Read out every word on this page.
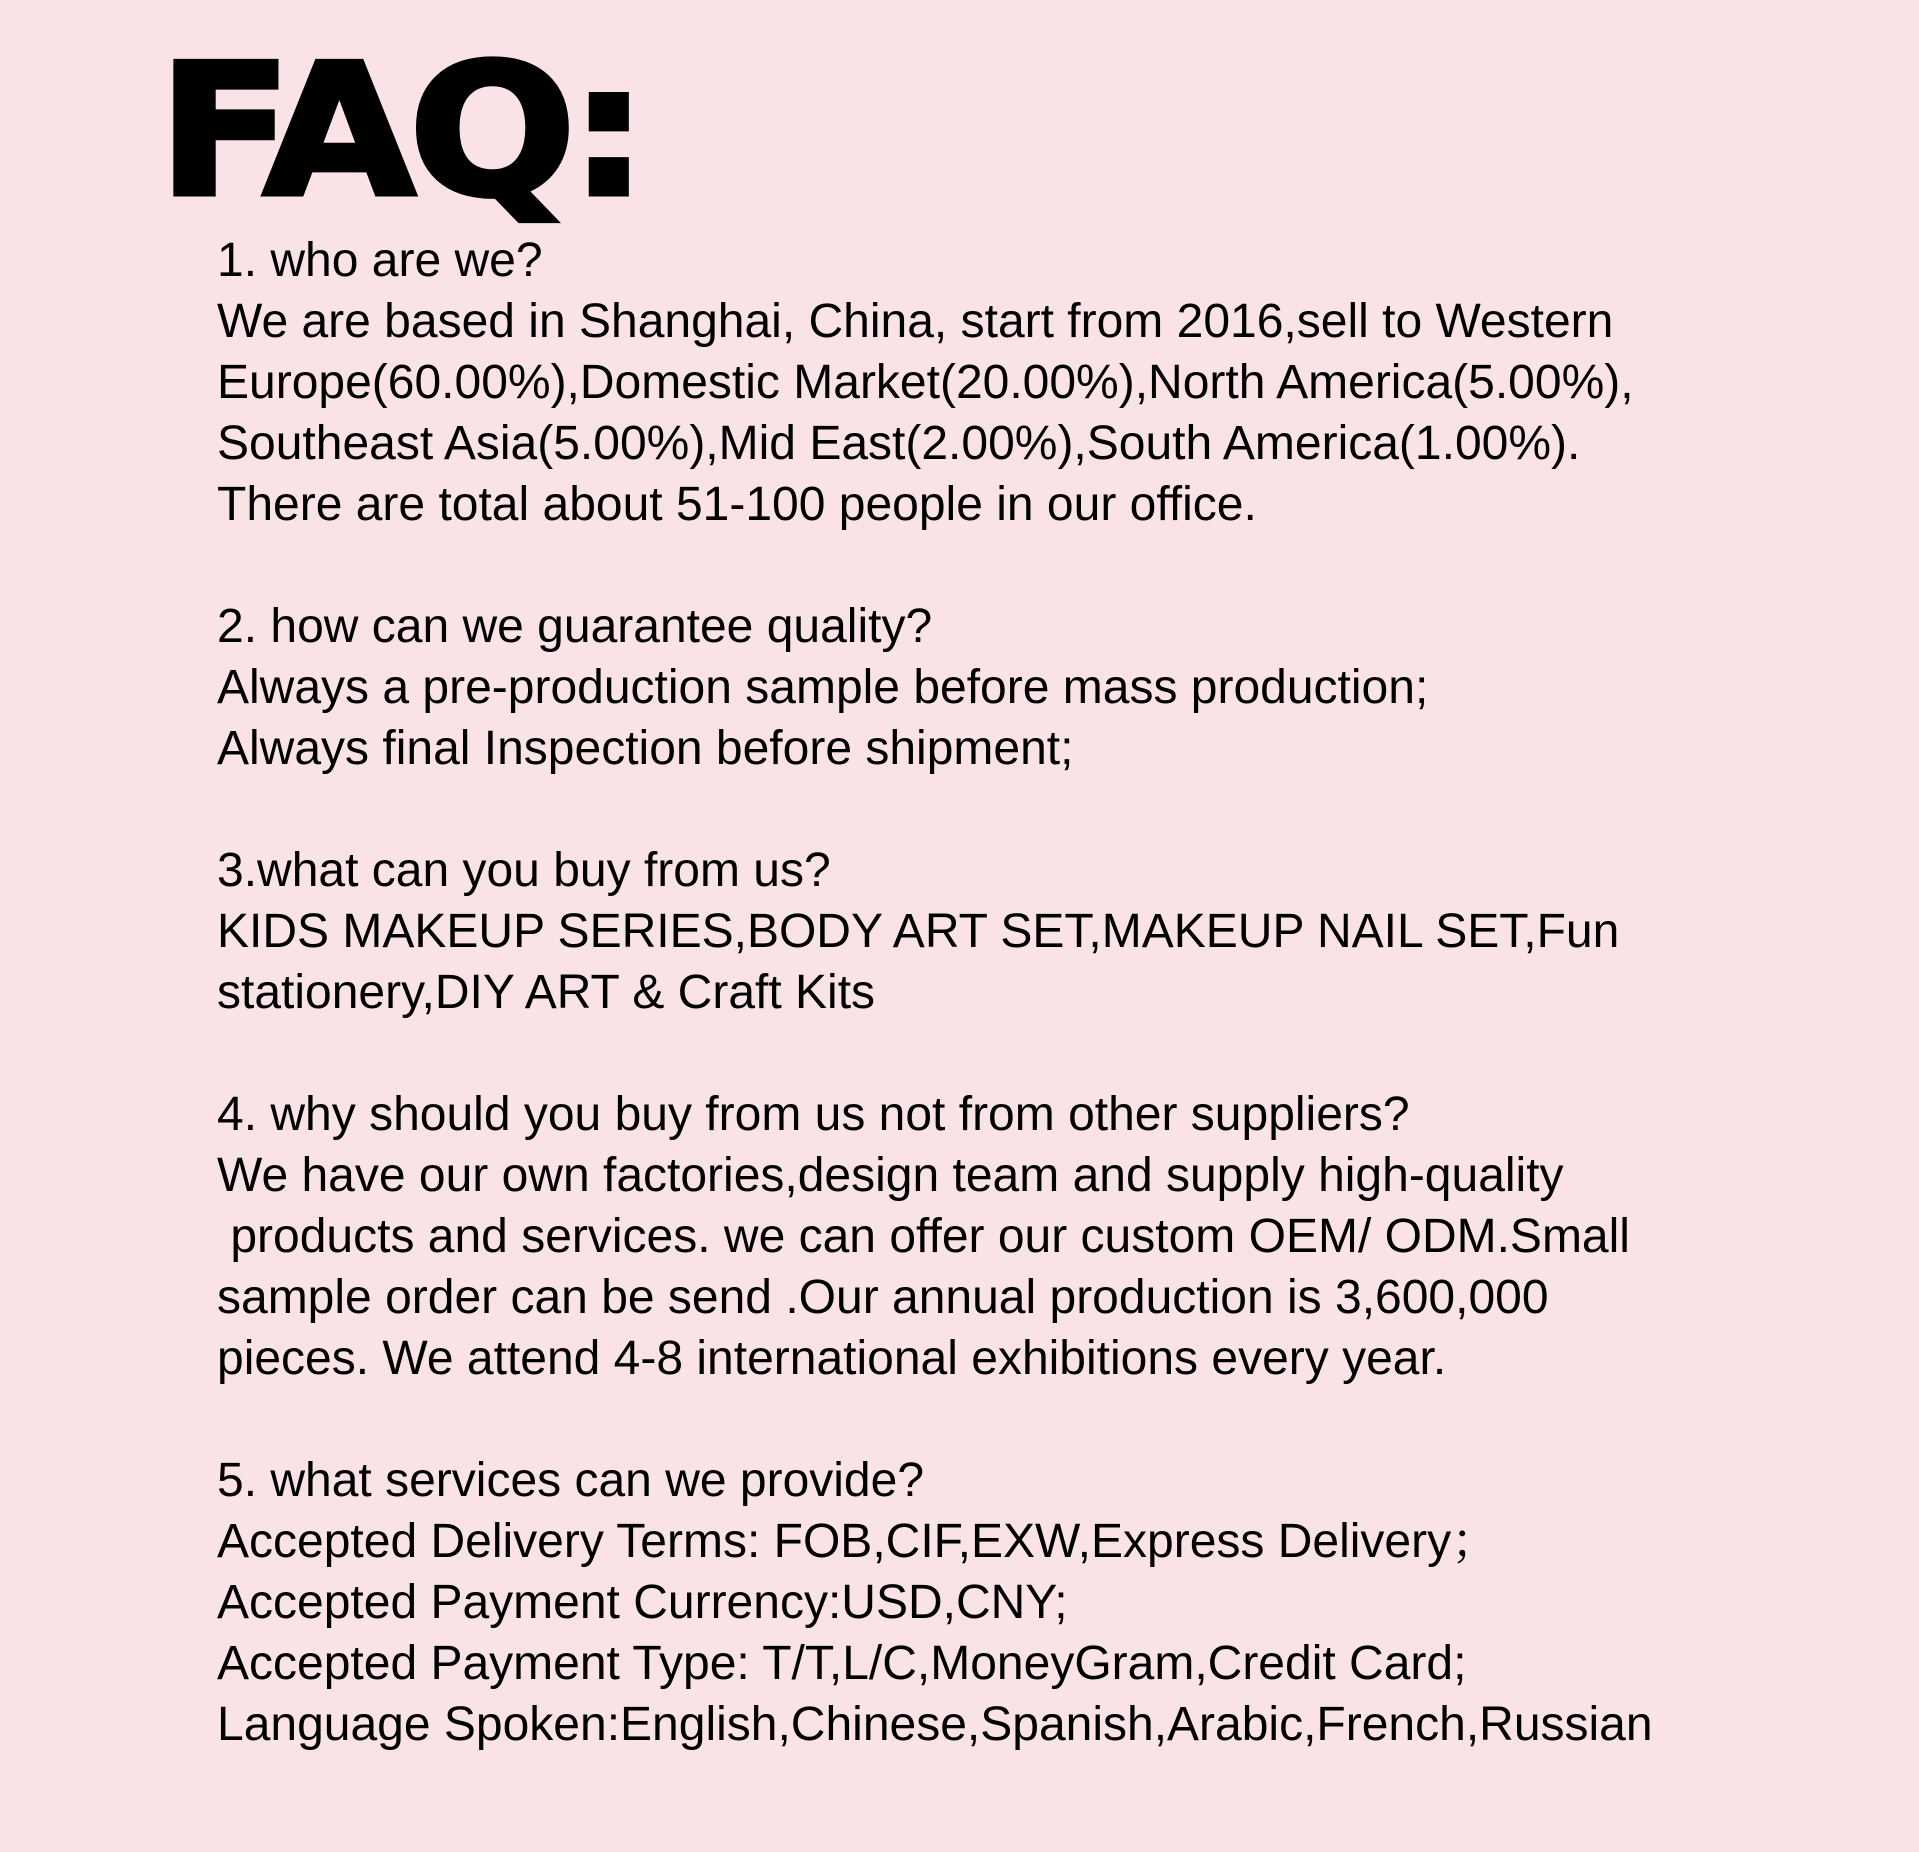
FAQ:
1. who are we?
We are based in Shanghai, China, start from 2016,sell to Western
Europe(60.00%),Domestic Market(20.00%),North America(5.00%),
Southeast Asia(5.00%),Mid East(2.00%),South America(1.00%).
There are total about 51-100 people in our office.
2. how can we guarantee quality?
Always a pre-production sample before mass production;
Always final Inspection before shipment;
3.what can you buy from us?
KIDS MAKEUP SERIES,BODY ART SET,MAKEUP NAIL SET,Fun
stationery,DIY ART & Craft Kits
4. why should you buy from us not from other suppliers?
We have our own factories,design team and supply high-quality
products and services. we can offer our custom OEM/ ODM.Small
sample order can be send .Our annual production is 3,600,000
pieces. We attend 4-8 international exhibitions every year.
5. what services can we provide?
Accepted Delivery Terms: FOB,CIF,EXW,Express Delivery；
Accepted Payment Currency:USD,CNY;
Accepted Payment Type: T/T,L/C,MoneyGram,Credit Card;
Language Spoken:English,Chinese,Spanish,Arabic,French,Russian
